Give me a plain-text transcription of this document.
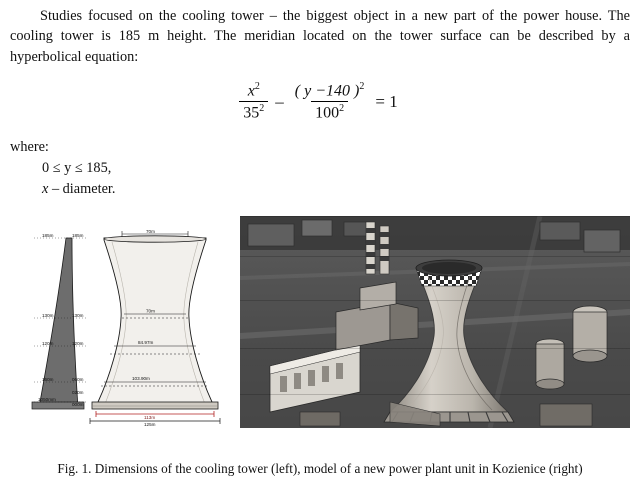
Studies focused on the cooling tower – the biggest object in a new part of the power house. The cooling tower is 185 m height. The meridian located on the tower surface can be described by a hyperbolical equation:

$\frac{x^2}{35^2} - \frac{( y -140 )^2}{100^2} = 1$
where:
0 ≤ y ≤ 185,
x – diameter.
70m
70m
84.97m
103.90m
113m
125m
185m
130m
120m
160m
1050mm
185m
130m
120m
060m
020m
000m
Fig. 1. Dimensions of the cooling tower (left), model of a new power plant unit in Kozienice (right)
